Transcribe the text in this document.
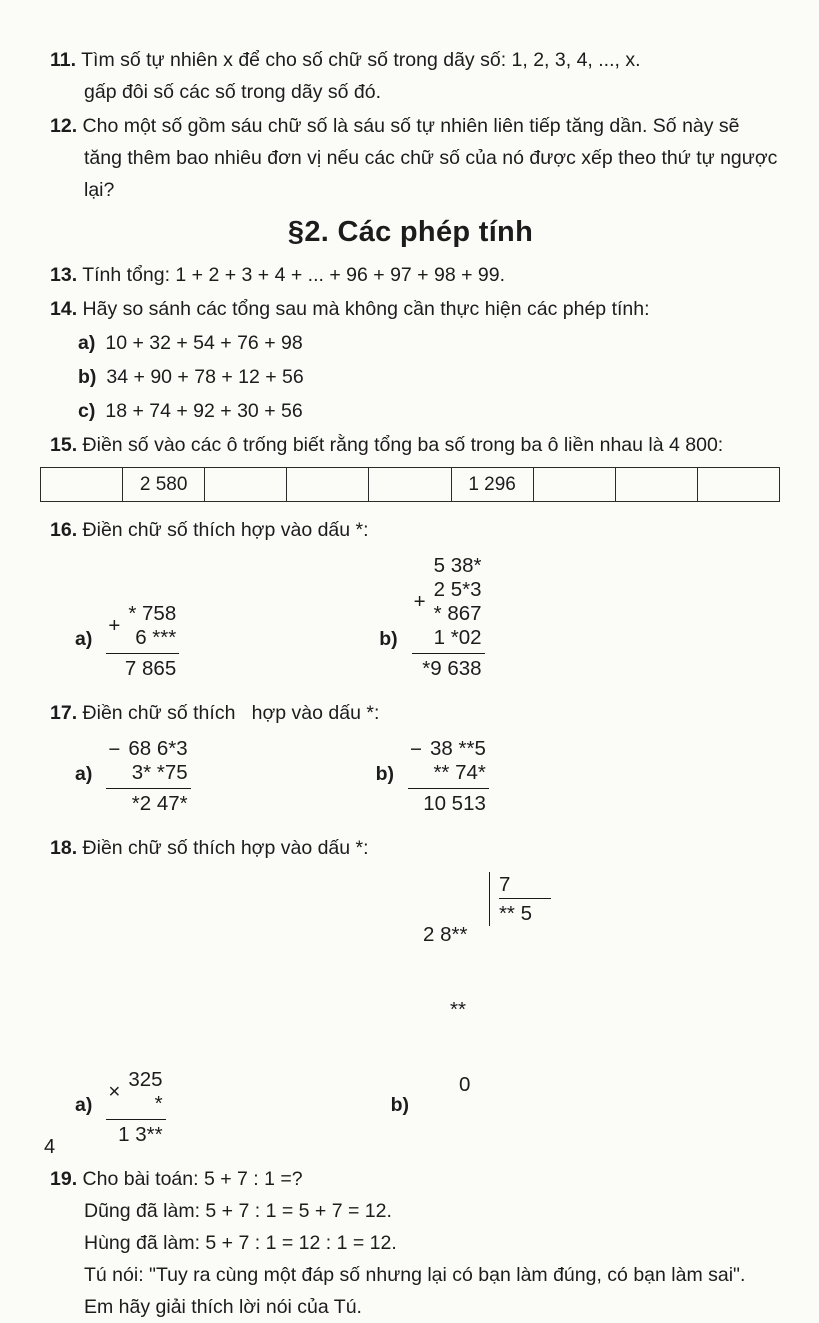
11. Tìm số tự nhiên x để cho số chữ số trong dãy số: 1, 2, 3, 4, ..., x.
gấp đôi số các số trong dãy số đó.
12. Cho một số gồm sáu chữ số là sáu số tự nhiên liên tiếp tăng dần. Số này sẽ tăng thêm bao nhiêu đơn vị nếu các chữ số của nó được xếp theo thứ tự ngược lại?
§2. Các phép tính
13. Tính tổng: 1 + 2 + 3 + 4 + ... + 96 + 97 + 98 + 99.
14. Hãy so sánh các tổng sau mà không cần thực hiện các phép tính:
a) 10 + 32 + 54 + 76 + 98
b) 34 + 90 + 78 + 12 + 56
c) 18 + 74 + 92 + 30 + 56
15. Điền số vào các ô trống biết rằng tổng ba số trong ba ô liền nhau là 4 800:
	2 580				1 296			
16. Điền chữ số thích hợp vào dấu *:
a)
+
* 758
6 ***
7 865
b)
+
5 38*
2 5*3
* 867
1 *02
*9 638
17. Điền chữ số thích   hợp vào dấu *:
a)
− 68 6*3
3* *75
*2 47*
b)
− 38 **5
** 74*
10 513
18. Điền chữ số thích hợp vào dấu *:
a)
×
325
*
1 3**
b)

2 8**

**

0

7
** 5
19. Cho bài toán: 5 + 7 : 1 =?
Dũng đã làm: 5 + 7 : 1 = 5 + 7 = 12.
Hùng đã làm: 5 + 7 : 1 = 12 : 1 = 12.
Tú nói: "Tuy ra cùng một đáp số nhưng lại có bạn làm đúng, có bạn làm sai".
Em hãy giải thích lời nói của Tú.
4
